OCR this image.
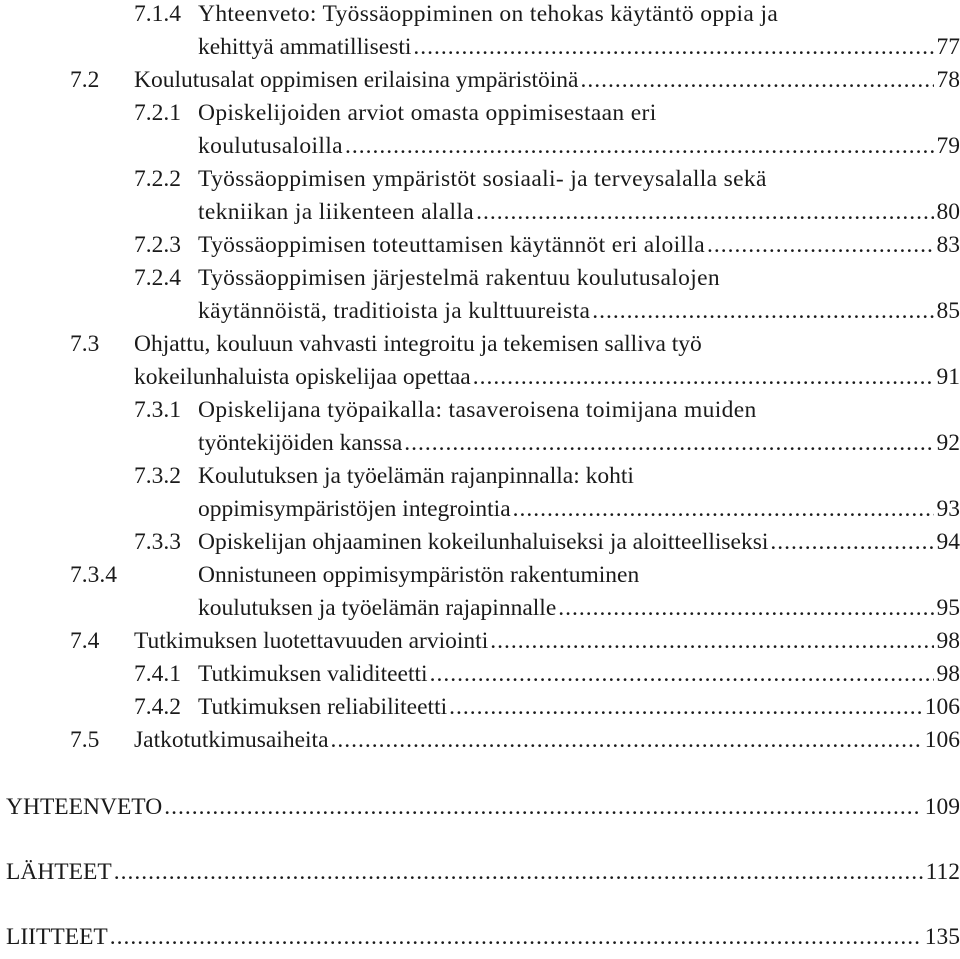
7.1.4 Yhteenveto: Työssäoppiminen on tehokas käytäntö oppia ja
kehittyä ammatillisesti .....	77
7.2	Koulutusalat oppimisen erilaisina ympäristöinä .....	78
7.2.1 Opiskelijoiden arviot omasta oppimisestaan eri
koulutusaloilla .....	79
7.2.2 Työssäoppimisen ympäristöt sosiaali- ja terveysalalla sekä
tekniikan ja liikenteen alalla .....	80
7.2.3 Työssäoppimisen toteuttamisen käytännöt eri aloilla .....	83
7.2.4 Työssäoppimisen järjestelmä rakentuu koulutusalojen
käytännöistä, traditioista ja kulttuureista .....	85
7.3	Ohjattu, kouluun vahvasti integroitu ja tekemisen salliva työ
kokeilunhaluista opiskelijaa opettaa .....	91
7.3.1 Opiskelijana työpaikalla: tasaveroisena toimijana muiden
työntekijöiden kanssa .....	92
7.3.2 Koulutuksen ja työelämän rajanpinnalla: kohti
oppimisympäristöjen integrointia .....	93
7.3.3 Opiskelijan ohjaaminen kokeilunhaluiseksi ja aloitteelliseksi .....	94
7.3.4	Onnistuneen oppimisympäristön rakentuminen
koulutuksen ja työelämän rajapinnalle .....	95
7.4	Tutkimuksen luotettavuuden arviointi .....	98
7.4.1 Tutkimuksen validiteetti .....	98
7.4.2 Tutkimuksen reliabiliteetti .....	106
7.5	Jatkotutkimusaiheita .....	106
YHTEENVETO .....	109
LÄHTEET .....	112
LIITTEET .....	135
